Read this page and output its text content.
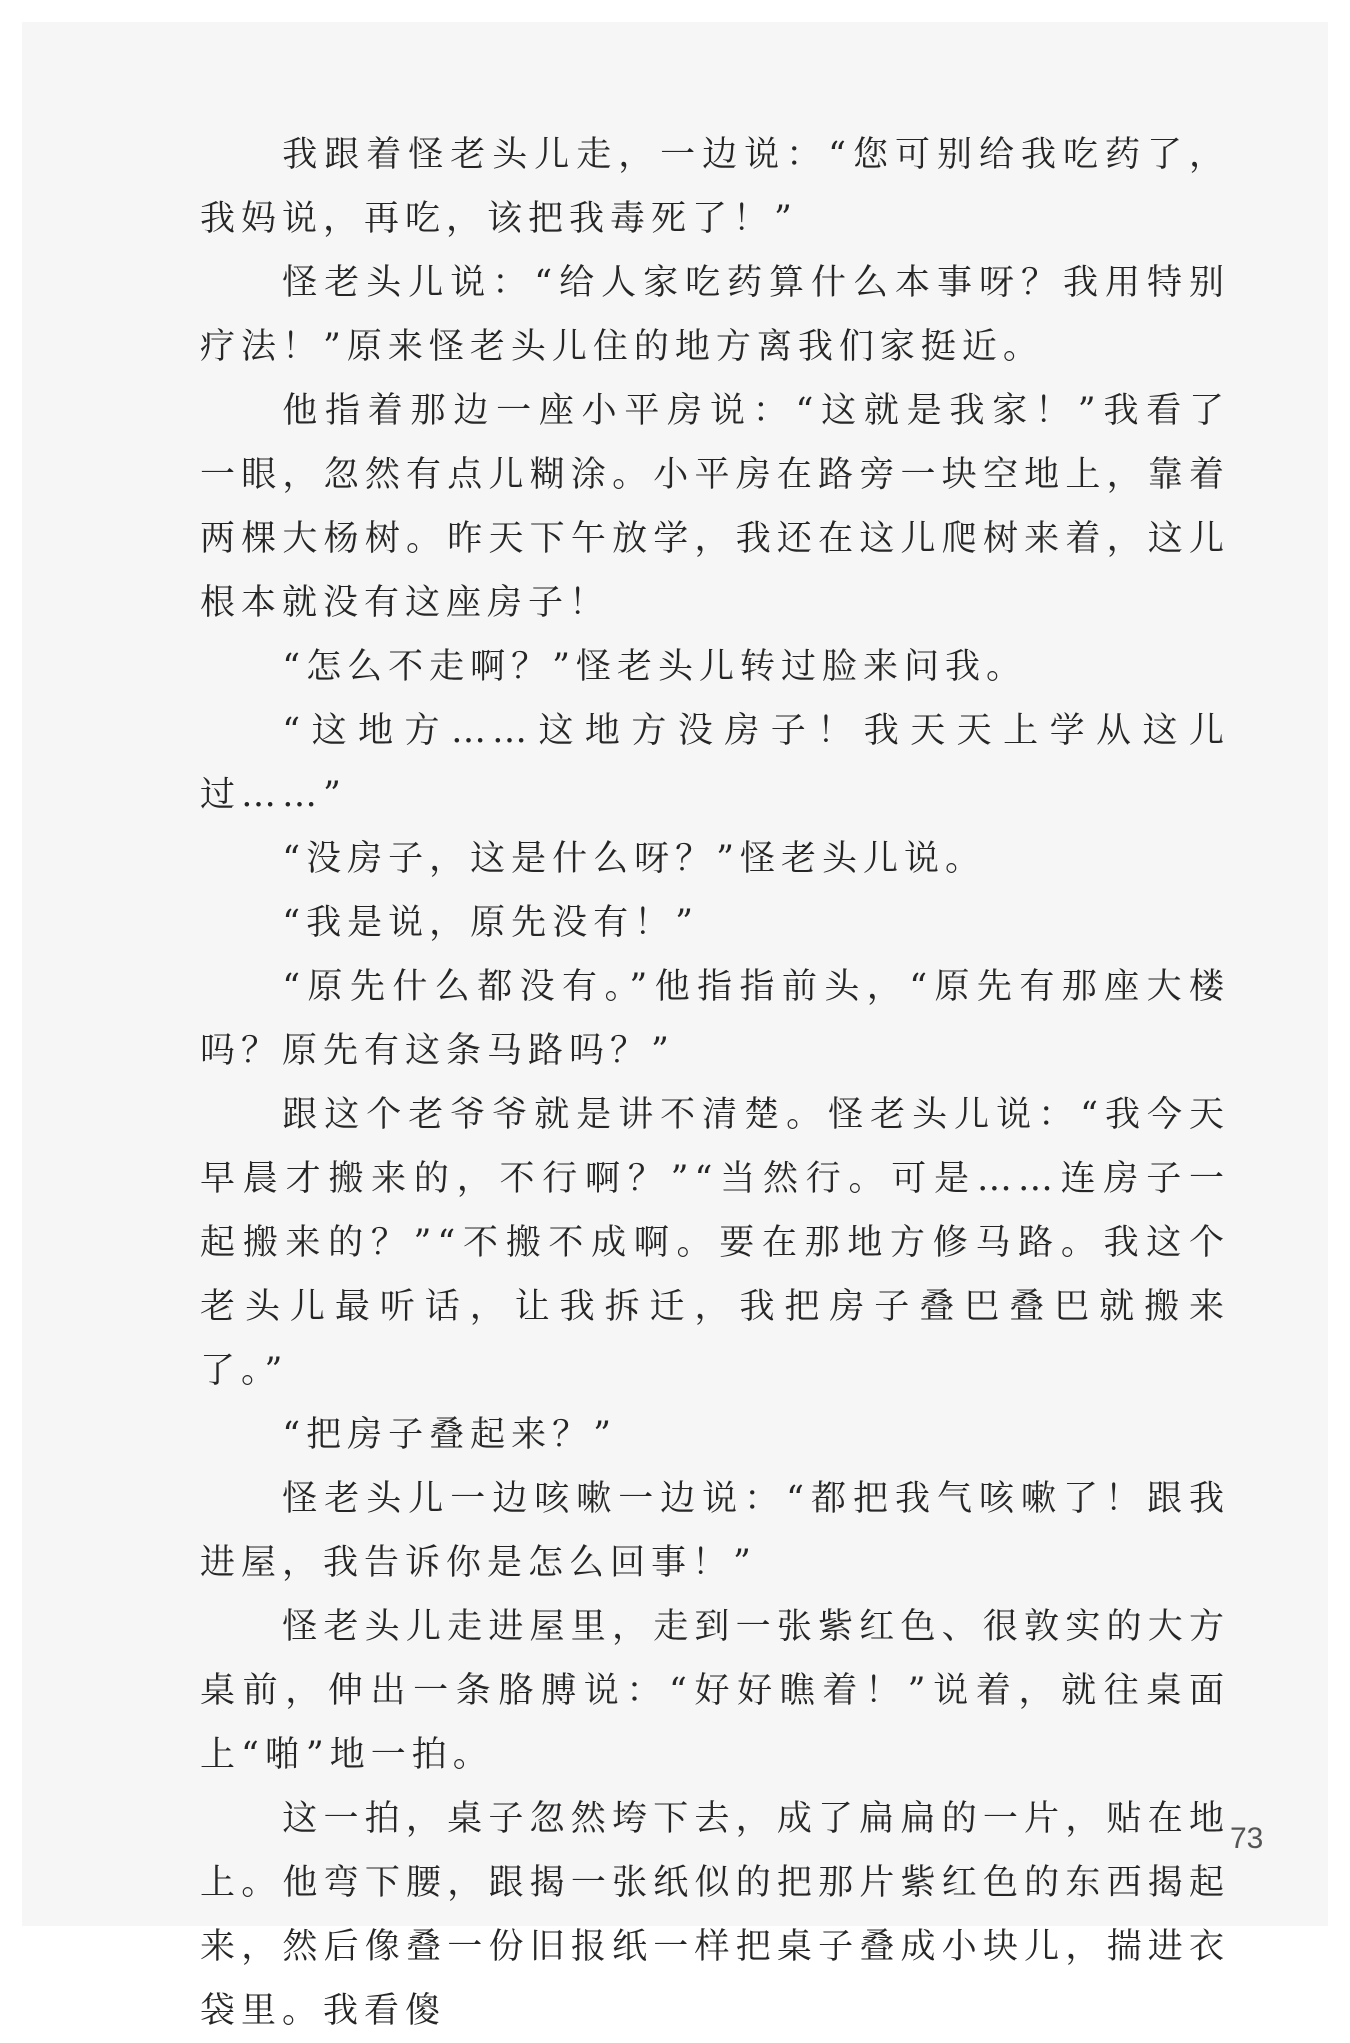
我跟着怪老头儿走，一边说：“您可别给我吃药了，我妈说，再吃，该把我毒死了！”

怪老头儿说：“给人家吃药算什么本事呀？我用特别疗法！”原来怪老头儿住的地方离我们家挺近。

他指着那边一座小平房说：“这就是我家！”我看了一眼，忽然有点儿糊涂。小平房在路旁一块空地上，靠着两棵大杨树。昨天下午放学，我还在这儿爬树来着，这儿根本就没有这座房子！

“怎么不走啊？”怪老头儿转过脸来问我。

“这地方……这地方没房子！我天天上学从这儿过……”

“没房子，这是什么呀？”怪老头儿说。

“我是说，原先没有！”

“原先什么都没有。”他指指前头，“原先有那座大楼吗？原先有这条马路吗？”

跟这个老爷爷就是讲不清楚。怪老头儿说：“我今天早晨才搬来的，不行啊？”“当然行。可是……连房子一起搬来的？”“不搬不成啊。要在那地方修马路。我这个老头儿最听话，让我拆迁，我把房子叠巴叠巴就搬来了。”

“把房子叠起来？”

怪老头儿一边咳嗽一边说：“都把我气咳嗽了！跟我进屋，我告诉你是怎么回事！”

怪老头儿走进屋里，走到一张紫红色、很敦实的大方桌前，伸出一条胳膊说：“好好瞧着！”说着，就往桌面上“啪”地一拍。

这一拍，桌子忽然垮下去，成了扁扁的一片，贴在地上。他弯下腰，跟揭一张纸似的把那片紫红色的东西揭起来，然后像叠一份旧报纸一样把桌子叠成小块儿，揣进衣袋里。我看傻

73
